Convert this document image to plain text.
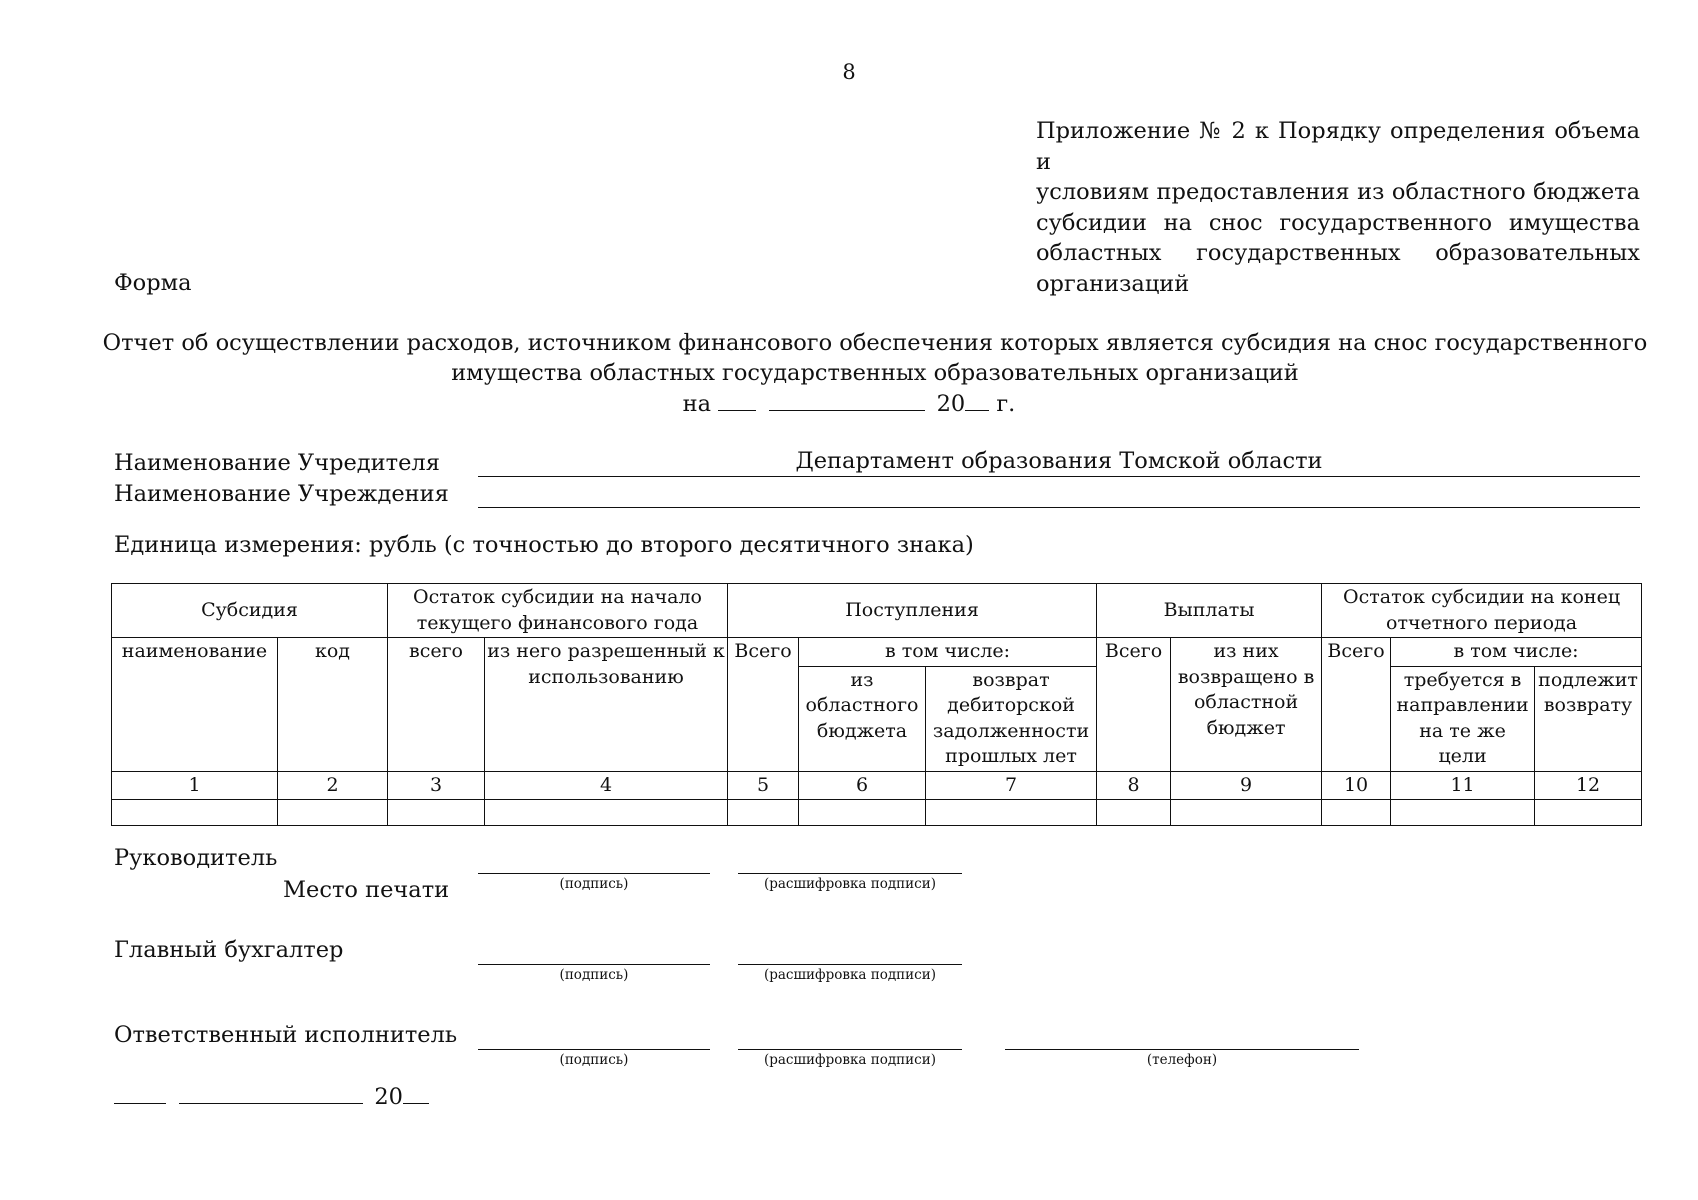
8
Приложение № 2 к Порядку определения объема и
условиям предоставления из областного бюджета
субсидии на снос государственного имущества
областных государственных образовательных
организаций
Форма
Отчет об осуществлении расходов, источником финансового обеспечения которых является субсидия на снос государственного
имущества областных государственных образовательных организаций
на	20 г.
Наименование Учредителя	Департамент образования Томской области
Наименование Учреждения
Единица измерения: рубль (с точностью до второго десятичного знака)
Субсидия		Остаток субсидии на начало текущего финансового года		Поступления			Выплаты		Остаток субсидии на конец отчетного периода		
наименование	код	всего	из него разрешенный к использованию	Всего	в том числе:		Всего	из них возвращено в областной бюджет	Всего	в том числе:	
					из областного бюджета	возврат дебиторской задолженности прошлых лет				требуется в направлении на те же цели	подлежит возврату
1	2	3	4	5	6	7	8	9	10	11	12

Руководитель
Место печати	(подпись)	(расшифровка подписи)
Главный бухгалтер
(подпись)	(расшифровка подписи)
Ответственный исполнитель
(подпись)	(расшифровка подписи)	(телефон)
20
